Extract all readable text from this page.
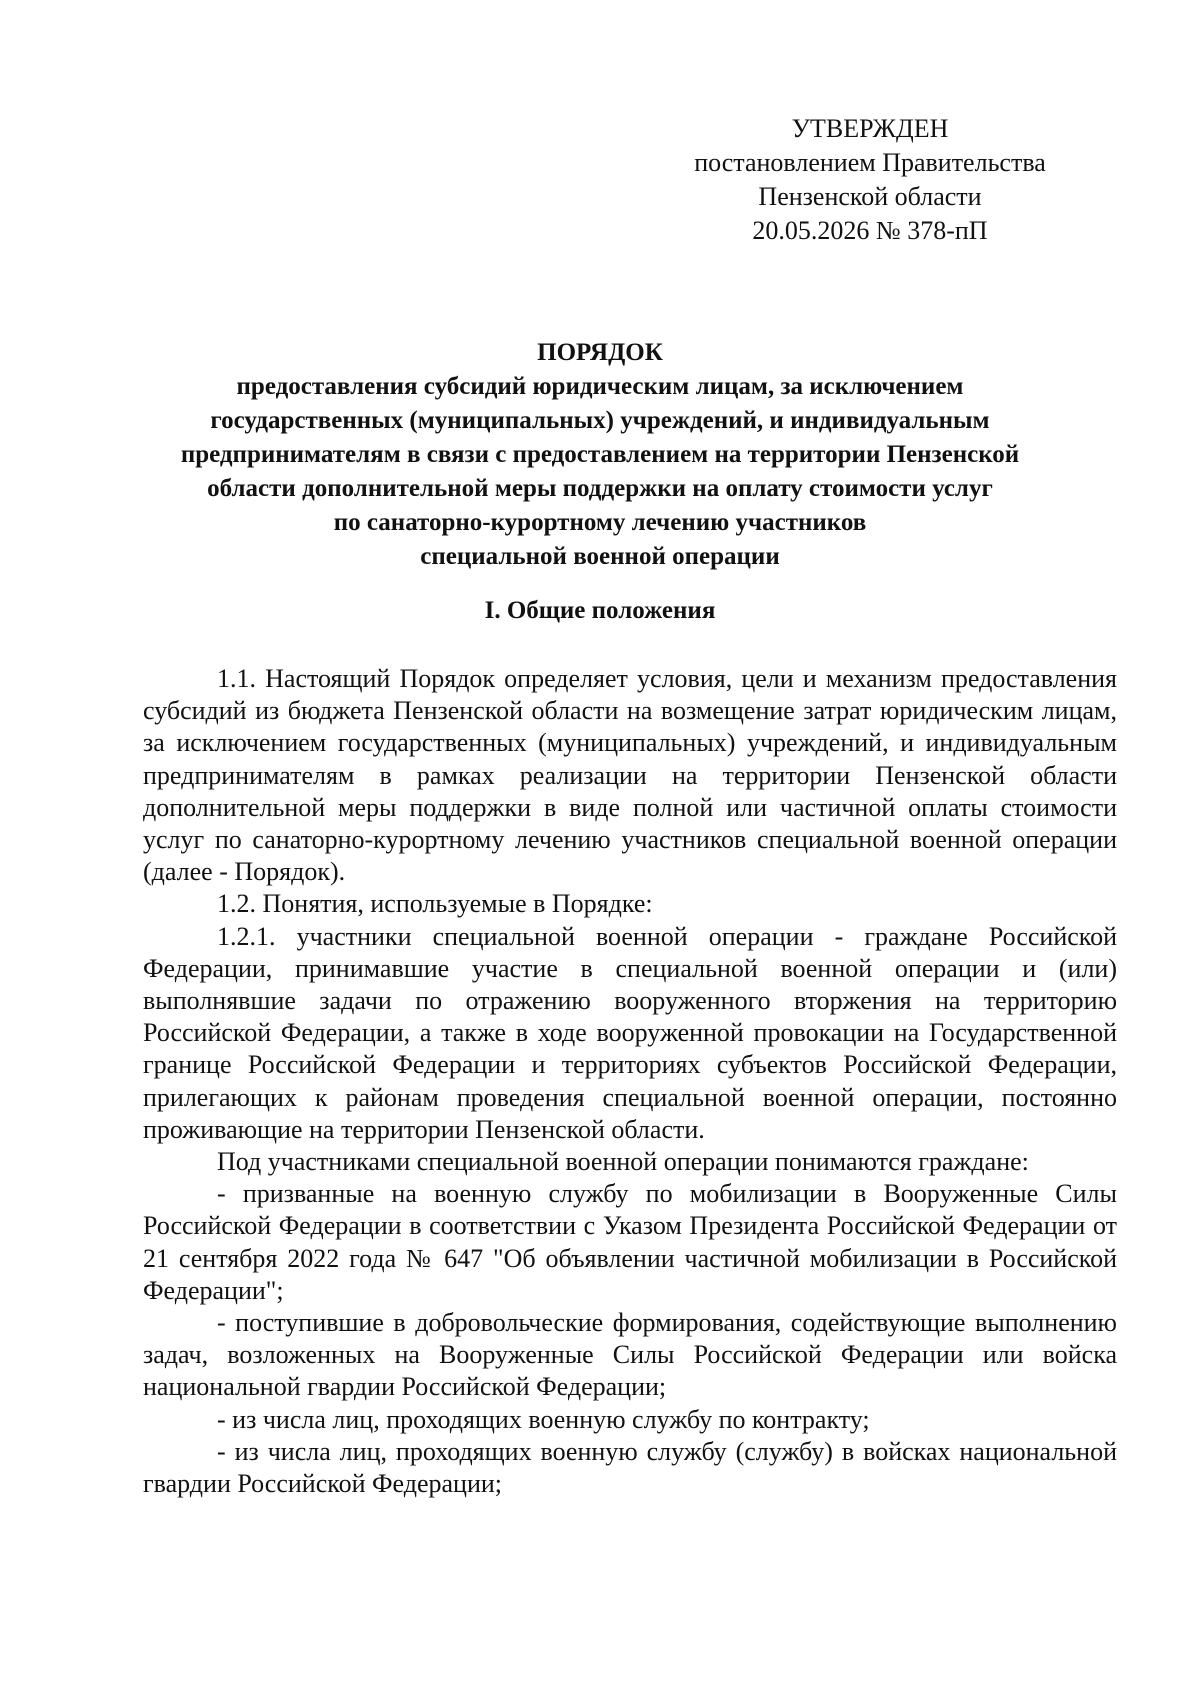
УТВЕРЖДЕН
постановлением Правительства
Пензенской области
20.05.2026 № 378-пП
ПОРЯДОК
предоставления субсидий юридическим лицам, за исключением
государственных (муниципальных) учреждений, и индивидуальным
предпринимателям в связи с предоставлением на территории Пензенской
области дополнительной меры поддержки на оплату стоимости услуг
по санаторно-курортному лечению участников
специальной военной операции
I. Общие положения

1.1. Настоящий Порядок определяет условия, цели и механизм предоставления субсидий из бюджета Пензенской области на возмещение затрат юридическим лицам, за исключением государственных (муниципальных) учреждений, и индивидуальным предпринимателям в рамках реализации на территории Пензенской области дополнительной меры поддержки в виде полной или частичной оплаты стоимости услуг по санаторно-курортному лечению участников специальной военной операции (далее - Порядок).

1.2. Понятия, используемые в Порядке:

1.2.1. участники специальной военной операции - граждане Российской Федерации, принимавшие участие в специальной военной операции и (или) выполнявшие задачи по отражению вооруженного вторжения на территорию Российской Федерации, а также в ходе вооруженной провокации на Государственной границе Российской Федерации и территориях субъектов Российской Федерации, прилегающих к районам проведения специальной военной операции, постоянно проживающие на территории Пензенской области.

Под участниками специальной военной операции понимаются граждане:

- призванные на военную службу по мобилизации в Вооруженные Силы Российской Федерации в соответствии с Указом Президента Российской Федерации от 21 сентября 2022 года № 647 "Об объявлении частичной мобилизации в Российской Федерации";

- поступившие в добровольческие формирования, содействующие выполнению задач, возложенных на Вооруженные Силы Российской Федерации или войска национальной гвардии Российской Федерации;

- из числа лиц, проходящих военную службу по контракту;

- из числа лиц, проходящих военную службу (службу) в войсках национальной гвардии Российской Федерации;
